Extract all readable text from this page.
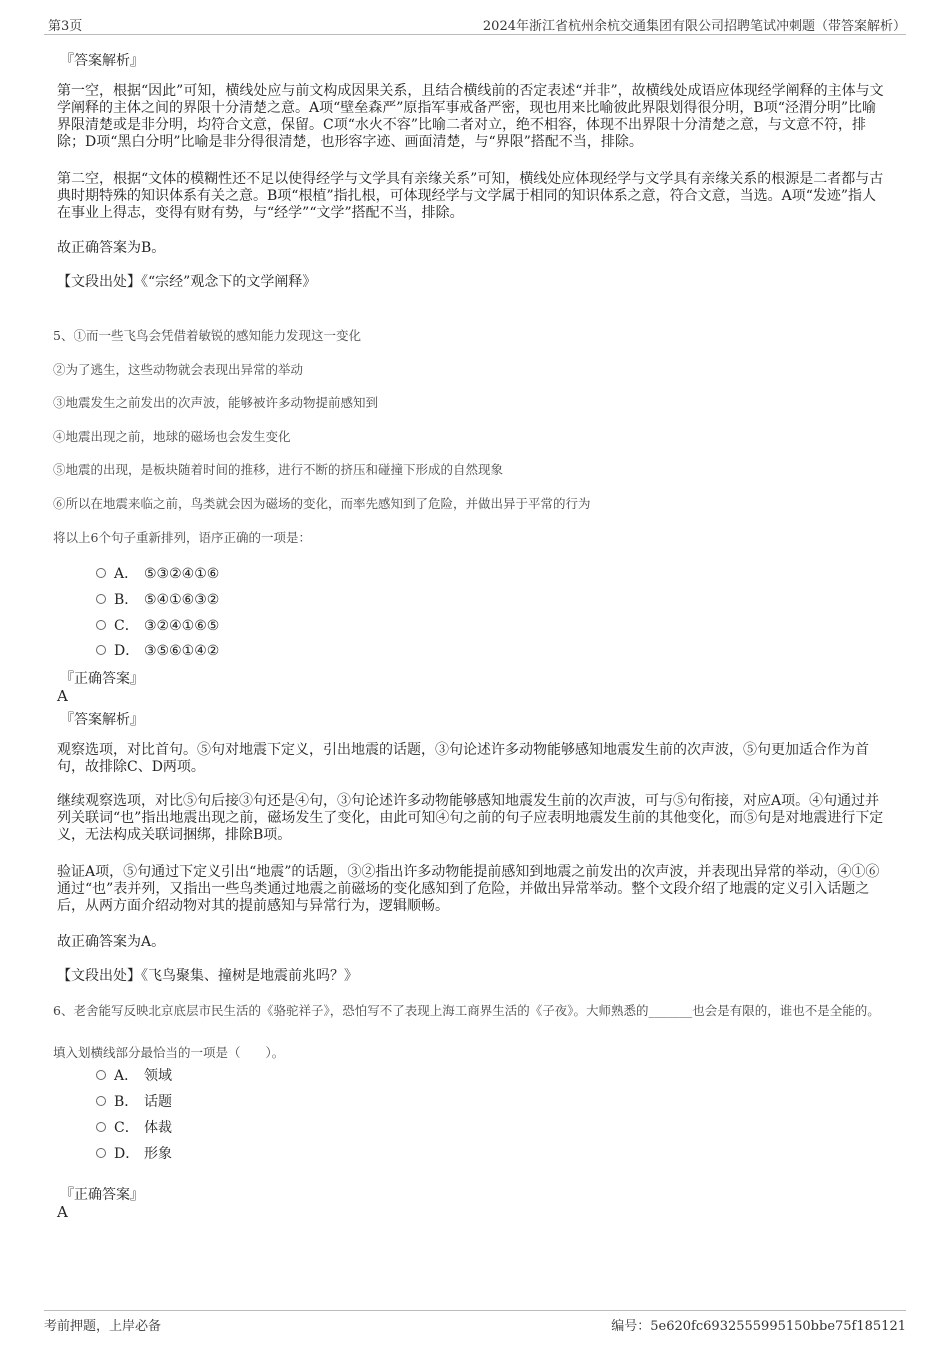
第3页	2024年浙江省杭州余杭交通集团有限公司招聘笔试冲刺题（带答案解析）
『答案解析』
第一空，根据“因此”可知，横线处应与前文构成因果关系，且结合横线前的否定表述“并非”，故横线处成语应体现经学阐释的主体与文学阐释的主体之间的界限十分清楚之意。A项“壁垒森严”原指军事戒备严密，现也用来比喻彼此界限划得很分明，B项“泾渭分明”比喻界限清楚或是非分明，均符合文意，保留。C项“水火不容”比喻二者对立，绝不相容，体现不出界限十分清楚之意，与文意不符，排除；D项“黑白分明”比喻是非分得很清楚，也形容字迹、画面清楚，与“界限”搭配不当，排除。
第二空，根据“文体的模糊性还不足以使得经学与文学具有亲缘关系”可知，横线处应体现经学与文学具有亲缘关系的根源是二者都与古典时期特殊的知识体系有关之意。B项“根植”指扎根，可体现经学与文学属于相同的知识体系之意，符合文意，当选。A项“发迹”指人在事业上得志，变得有财有势，与“经学”“文学”搭配不当，排除。
故正确答案为B。
【文段出处】《“宗经”观念下的文学阐释》
5、①而一些飞鸟会凭借着敏锐的感知能力发现这一变化
②为了逃生，这些动物就会表现出异常的举动
③地震发生之前发出的次声波，能够被许多动物提前感知到
④地震出现之前，地球的磁场也会发生变化
⑤地震的出现，是板块随着时间的推移，进行不断的挤压和碰撞下形成的自然现象
⑥所以在地震来临之前，鸟类就会因为磁场的变化，而率先感知到了危险，并做出异于平常的行为
将以上6个句子重新排列，语序正确的一项是：
A． ⑤③②④①⑥
B． ⑤④①⑥③②
C． ③②④①⑥⑤
D． ③⑤⑥①④②
『正确答案』
A
『答案解析』
观察选项，对比首句。⑤句对地震下定义，引出地震的话题，③句论述许多动物能够感知地震发生前的次声波，⑤句更加适合作为首句，故排除C、D两项。
继续观察选项，对比⑤句后接③句还是④句，③句论述许多动物能够感知地震发生前的次声波，可与⑤句衔接，对应A项。④句通过并列关联词“也”指出地震出现之前，磁场发生了变化，由此可知④句之前的句子应表明地震发生前的其他变化，而⑤句是对地震进行下定义，无法构成关联词捆绑，排除B项。
验证A项，⑤句通过下定义引出“地震”的话题，③②指出许多动物能提前感知到地震之前发出的次声波，并表现出异常的举动，④①⑥通过“也”表并列，又指出一些鸟类通过地震之前磁场的变化感知到了危险，并做出异常举动。整个文段介绍了地震的定义引入话题之后，从两方面介绍动物对其的提前感知与异常行为，逻辑顺畅。
故正确答案为A。
【文段出处】《飞鸟聚集、撞树是地震前兆吗？》
6、老舍能写反映北京底层市民生活的《骆驼祥子》，恐怕写不了表现上海工商界生活的《子夜》。大师熟悉的_______也会是有限的，谁也不是全能的。
填入划横线部分最恰当的一项是（　　）。
A． 领域
B． 话题
C． 体裁
D． 形象
『正确答案』
A
考前押题，上岸必备	编号：5e620fc6932555995150bbe75f185121
